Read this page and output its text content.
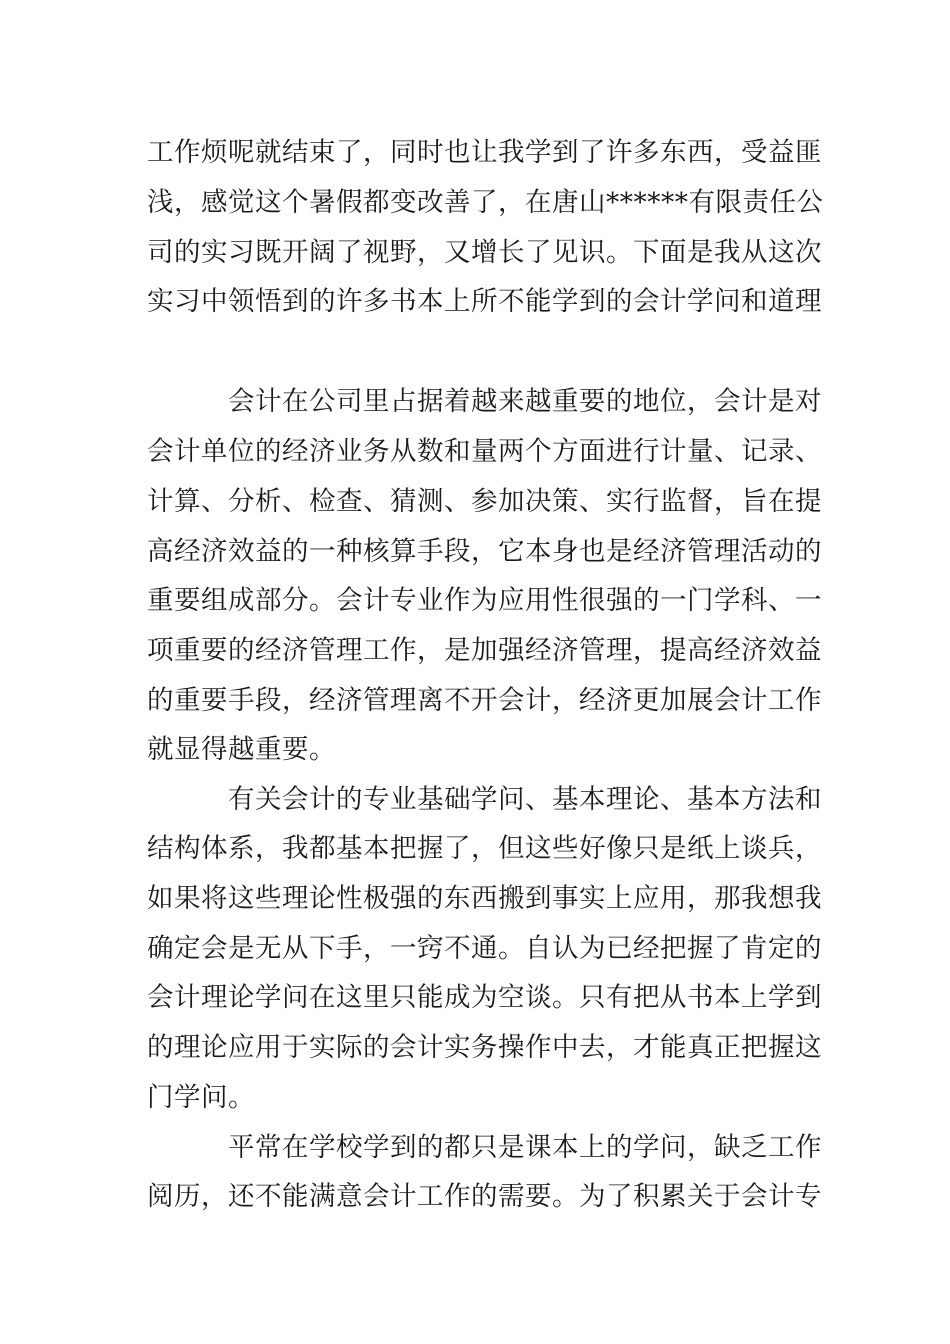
工作烦呢就结束了，同时也让我学到了许多东西，受益匪
浅，感觉这个暑假都变改善了，在唐山******有限责任公
司的实习既开阔了视野，又增长了见识。下面是我从这次
实习中领悟到的许多书本上所不能学到的会计学问和道理
会计在公司里占据着越来越重要的地位，会计是对
会计单位的经济业务从数和量两个方面进行计量、记录、
计算、分析、检查、猜测、参加决策、实行监督，旨在提
高经济效益的一种核算手段，它本身也是经济管理活动的
重要组成部分。会计专业作为应用性很强的一门学科、一
项重要的经济管理工作，是加强经济管理，提高经济效益
的重要手段，经济管理离不开会计，经济更加展会计工作
就显得越重要。
有关会计的专业基础学问、基本理论、基本方法和
结构体系，我都基本把握了，但这些好像只是纸上谈兵，
如果将这些理论性极强的东西搬到事实上应用，那我想我
确定会是无从下手，一窍不通。自认为已经把握了肯定的
会计理论学问在这里只能成为空谈。只有把从书本上学到
的理论应用于实际的会计实务操作中去，才能真正把握这
门学问。
平常在学校学到的都只是课本上的学问，缺乏工作
阅历，还不能满意会计工作的需要。为了积累关于会计专
